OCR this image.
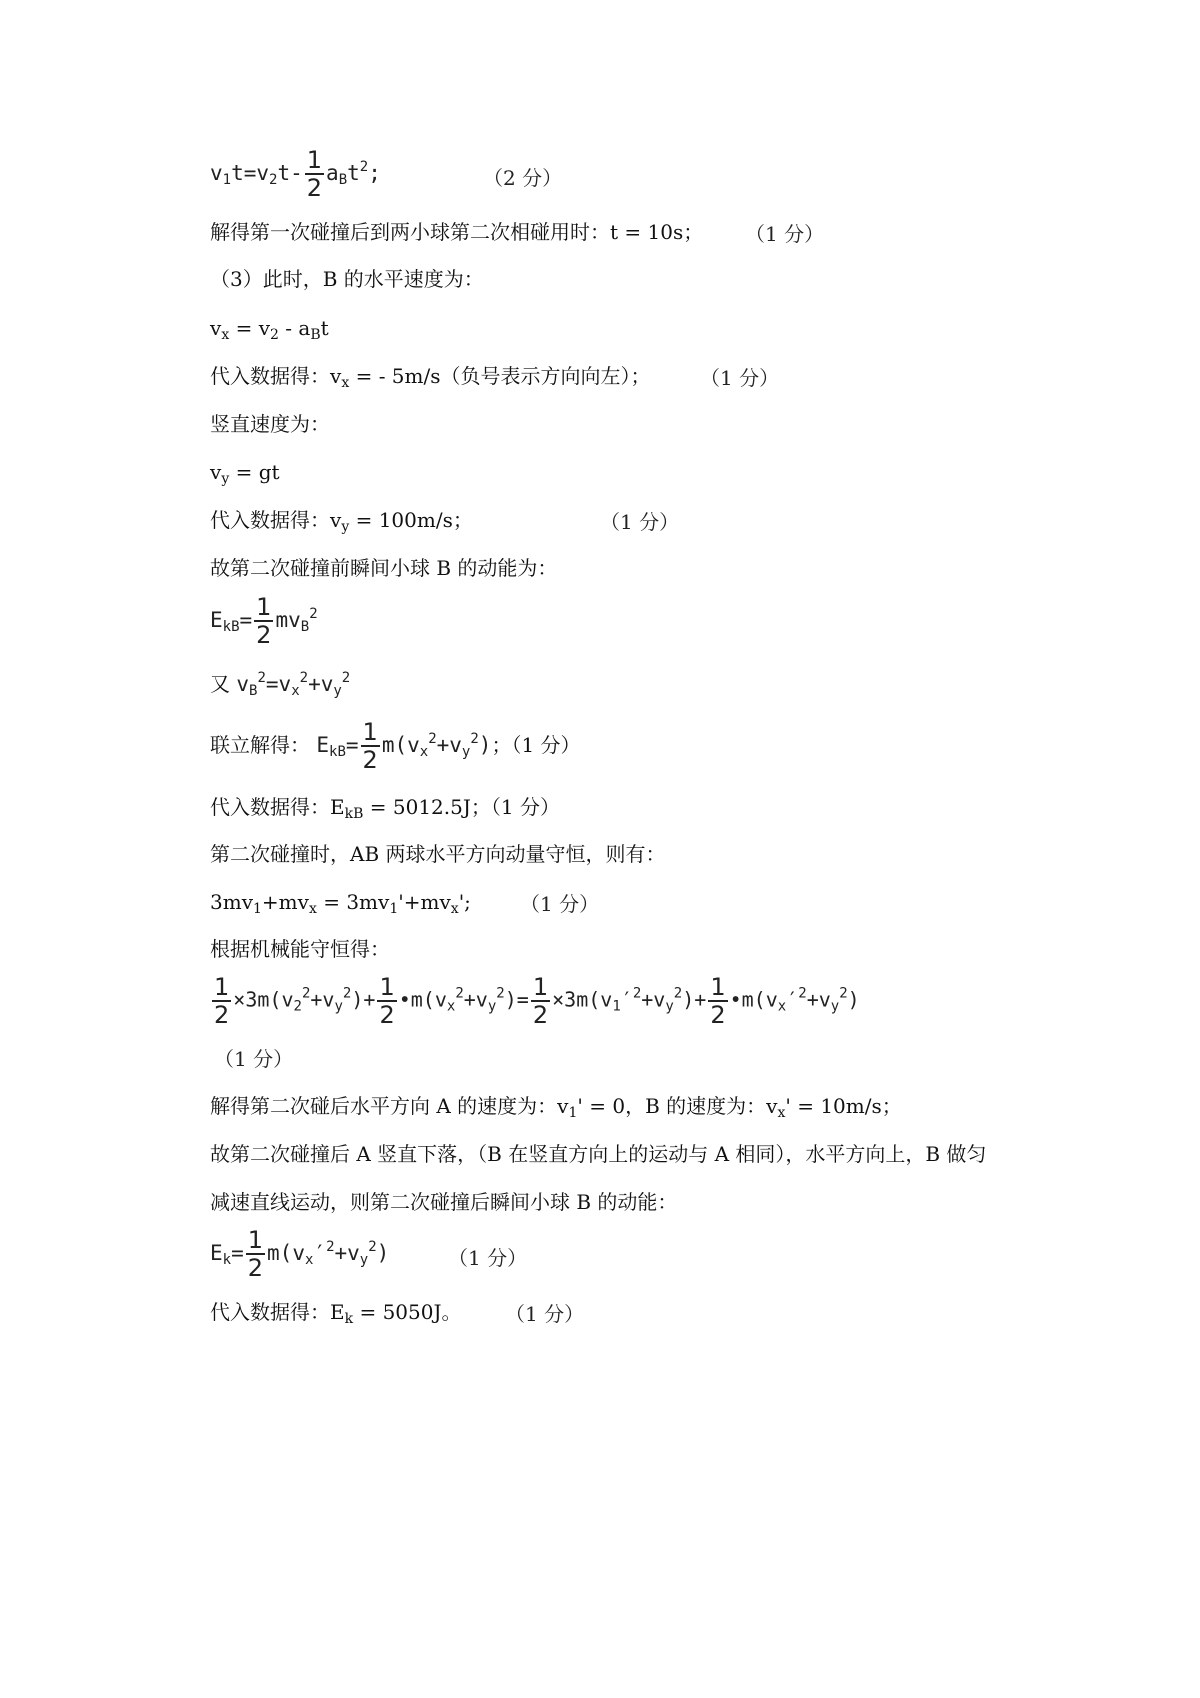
$v_1t=v_2t- \frac{1}{2} a_Bt^2$;	（2 分）
解得第一次碰撞后到两小球第二次相碰用时：t = 10s； （1 分）
（3）此时，B 的水平速度为：
$v_x = v_2 - a_Bt$
代入数据得：$v_x$ = - 5m/s（负号表示方向向左）； （1 分）
竖直速度为：
$v_y$ = gt
代入数据得：$v_y = 100m/s$；	（1 分）
故第二次碰撞前瞬间小球 B 的动能为：
$E_{kB}= \frac{1}{2} mv_B^2$
又 $v_B^2=v_x^2+v_y^2$
联立解得： $E_{kB}= \frac{1}{2} m(v_x^2+v_y^2)$；（1 分）
代入数据得：$E_{kB} = 5012.5J$；（1 分）
第二次碰撞时，AB 两球水平方向动量守恒，则有：
$3mv_1+mv_x = 3mv_1'+mv_x'$; （1 分）
根据机械能守恒得：
$\frac{1}{2} \times 3m(v_2^2+v_y^2)+ \frac{1}{2}$ $•m(v_x^2+v_y^2)= \frac{1}{2} \times 3m(v_1'^2+v_y^2)+ \frac{1}{2}$ $•m(v_x'^2+v_y^2)$
（1 分）
解得第二次碰后水平方向 A 的速度为：$v_1' = 0$，B 的速度为：$v_x' = 10m/s$；
故第二次碰撞后 A 竖直下落，（B 在竖直方向上的运动与 A 相同），水平方向上，B 做匀
减速直线运动，则第二次碰撞后瞬间小球 B 的动能：
$E_k= \frac{1}{2} m(v_x'^2+v_y^2)$	（1 分）
代入数据得：$E_k = 5050J$。 （1 分）
